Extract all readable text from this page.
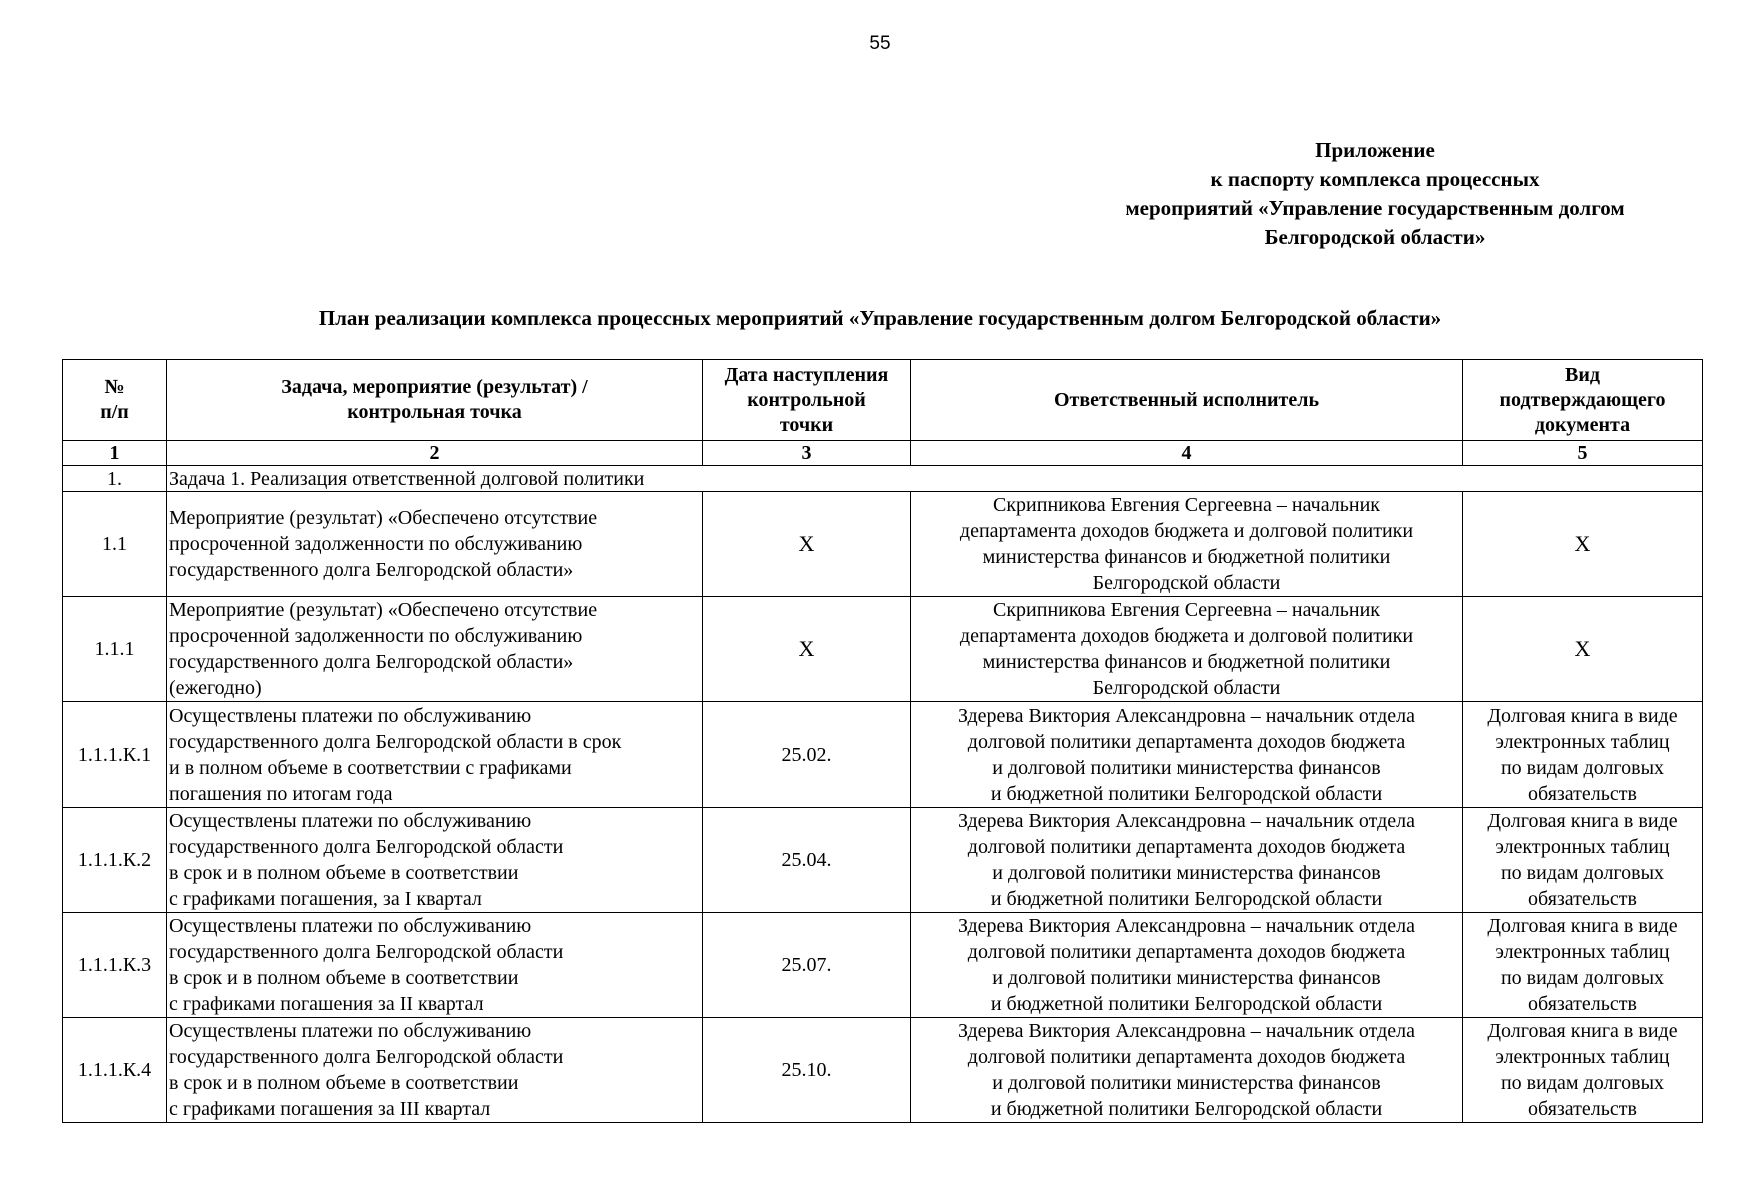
55
Приложение
к паспорту комплекса процессных
мероприятий «Управление государственным долгом
Белгородской области»
План реализации комплекса процессных мероприятий «Управление государственным долгом Белгородской области»
№
п/п	Задача, мероприятие (результат) /
контрольная точка	Дата наступления
контрольной
точки	Ответственный исполнитель	Вид
подтверждающего
документа

1	2	3	4	5
1.	Задача 1. Реализация ответственной долговой политики			
1.1	Мероприятие (результат) «Обеспечено отсутствие
просроченной задолженности по обслуживанию
государственного долга Белгородской области»	Х	Скрипникова Евгения Сергеевна – начальник
департамента доходов бюджета и долговой политики
министерства финансов и бюджетной политики
Белгородской области	Х

1.1.1	Мероприятие (результат) «Обеспечено отсутствие
просроченной задолженности по обслуживанию
государственного долга Белгородской области»
(ежегодно)	Х	Скрипникова Евгения Сергеевна – начальник
департамента доходов бюджета и долговой политики
министерства финансов и бюджетной политики
Белгородской области	Х

1.1.1.К.1	Осуществлены платежи по обслуживанию
государственного долга Белгородской области в срок
и в полном объеме в соответствии с графиками
погашения по итогам года	25.02.	Здерева Виктория Александровна – начальник отдела
долговой политики департамента доходов бюджета
и долговой политики министерства финансов
и бюджетной политики Белгородской области	Долговая книга в виде
электронных таблиц
по видам долговых
обязательств

1.1.1.К.2	Осуществлены платежи по обслуживанию
государственного долга Белгородской области
в срок и в полном объеме в соответствии
с графиками погашения, за I квартал	25.04.	Здерева Виктория Александровна – начальник отдела
долговой политики департамента доходов бюджета
и долговой политики министерства финансов
и бюджетной политики Белгородской области	Долговая книга в виде
электронных таблиц
по видам долговых
обязательств

1.1.1.К.3	Осуществлены платежи по обслуживанию
государственного долга Белгородской области
в срок и в полном объеме в соответствии
с графиками погашения за II квартал	25.07.	Здерева Виктория Александровна – начальник отдела
долговой политики департамента доходов бюджета
и долговой политики министерства финансов
и бюджетной политики Белгородской области	Долговая книга в виде
электронных таблиц
по видам долговых
обязательств

1.1.1.К.4	Осуществлены платежи по обслуживанию
государственного долга Белгородской области
в срок и в полном объеме в соответствии
с графиками погашения за III квартал	25.10.	Здерева Виктория Александровна – начальник отдела
долговой политики департамента доходов бюджета
и долговой политики министерства финансов
и бюджетной политики Белгородской области	Долговая книга в виде
электронных таблиц
по видам долговых
обязательств
